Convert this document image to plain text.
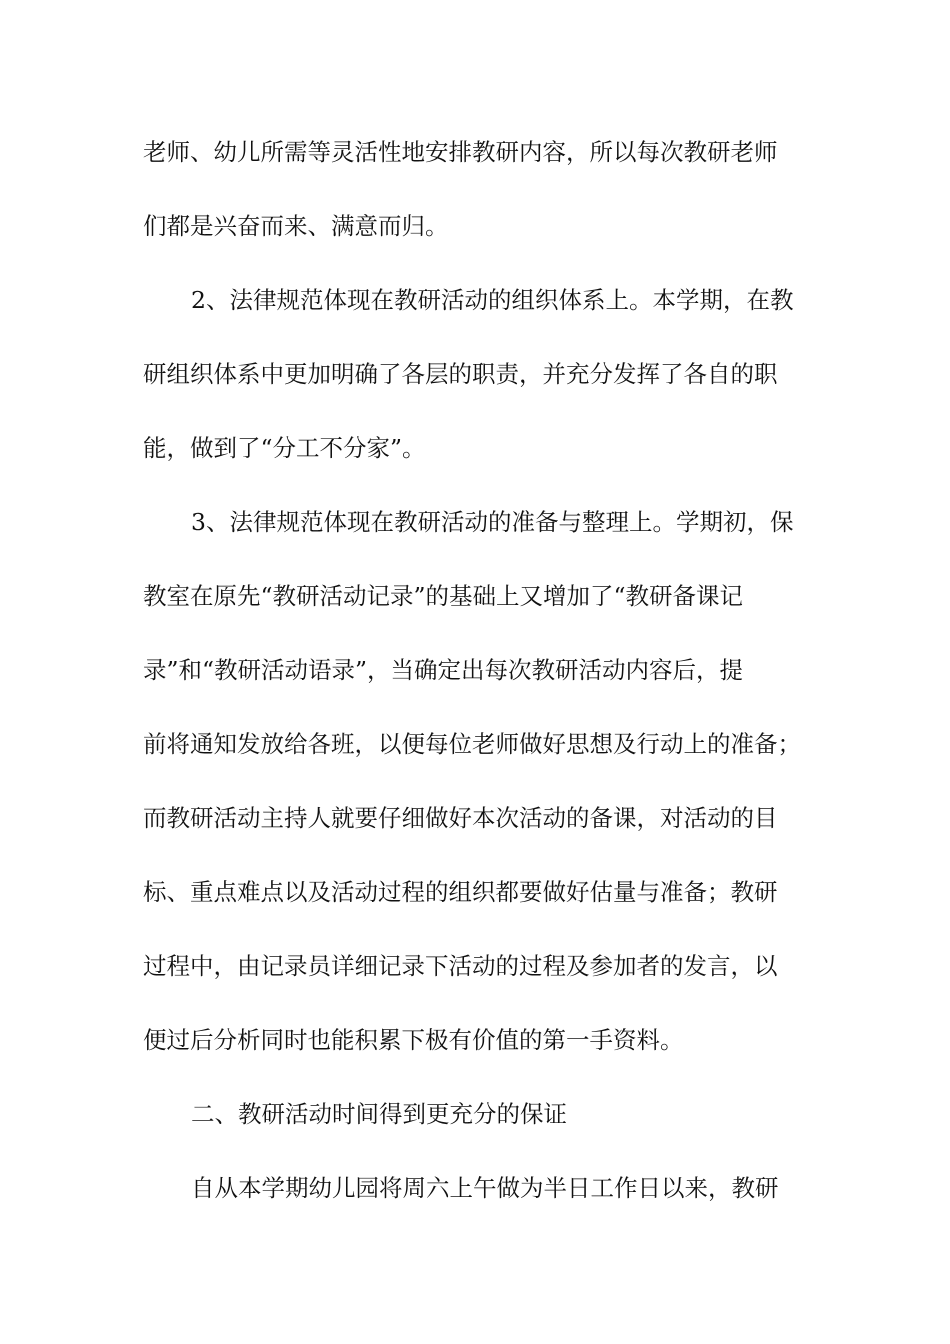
老师、幼儿所需等灵活性地安排教研内容，所以每次教研老师
们都是兴奋而来、满意而归。
2、法律规范体现在教研活动的组织体系上。本学期，在教
研组织体系中更加明确了各层的职责，并充分发挥了各自的职
能，做到了“分工不分家”。
3、法律规范体现在教研活动的准备与整理上。学期初，保
教室在原先“教研活动记录”的基础上又增加了“教研备课记
录”和“教研活动语录”，当确定出每次教研活动内容后，提
前将通知发放给各班，以便每位老师做好思想及行动上的准备；
而教研活动主持人就要仔细做好本次活动的备课，对活动的目
标、重点难点以及活动过程的组织都要做好估量与准备；教研
过程中，由记录员详细记录下活动的过程及参加者的发言，以
便过后分析同时也能积累下极有价值的第一手资料。
二、教研活动时间得到更充分的保证
自从本学期幼儿园将周六上午做为半日工作日以来，教研
